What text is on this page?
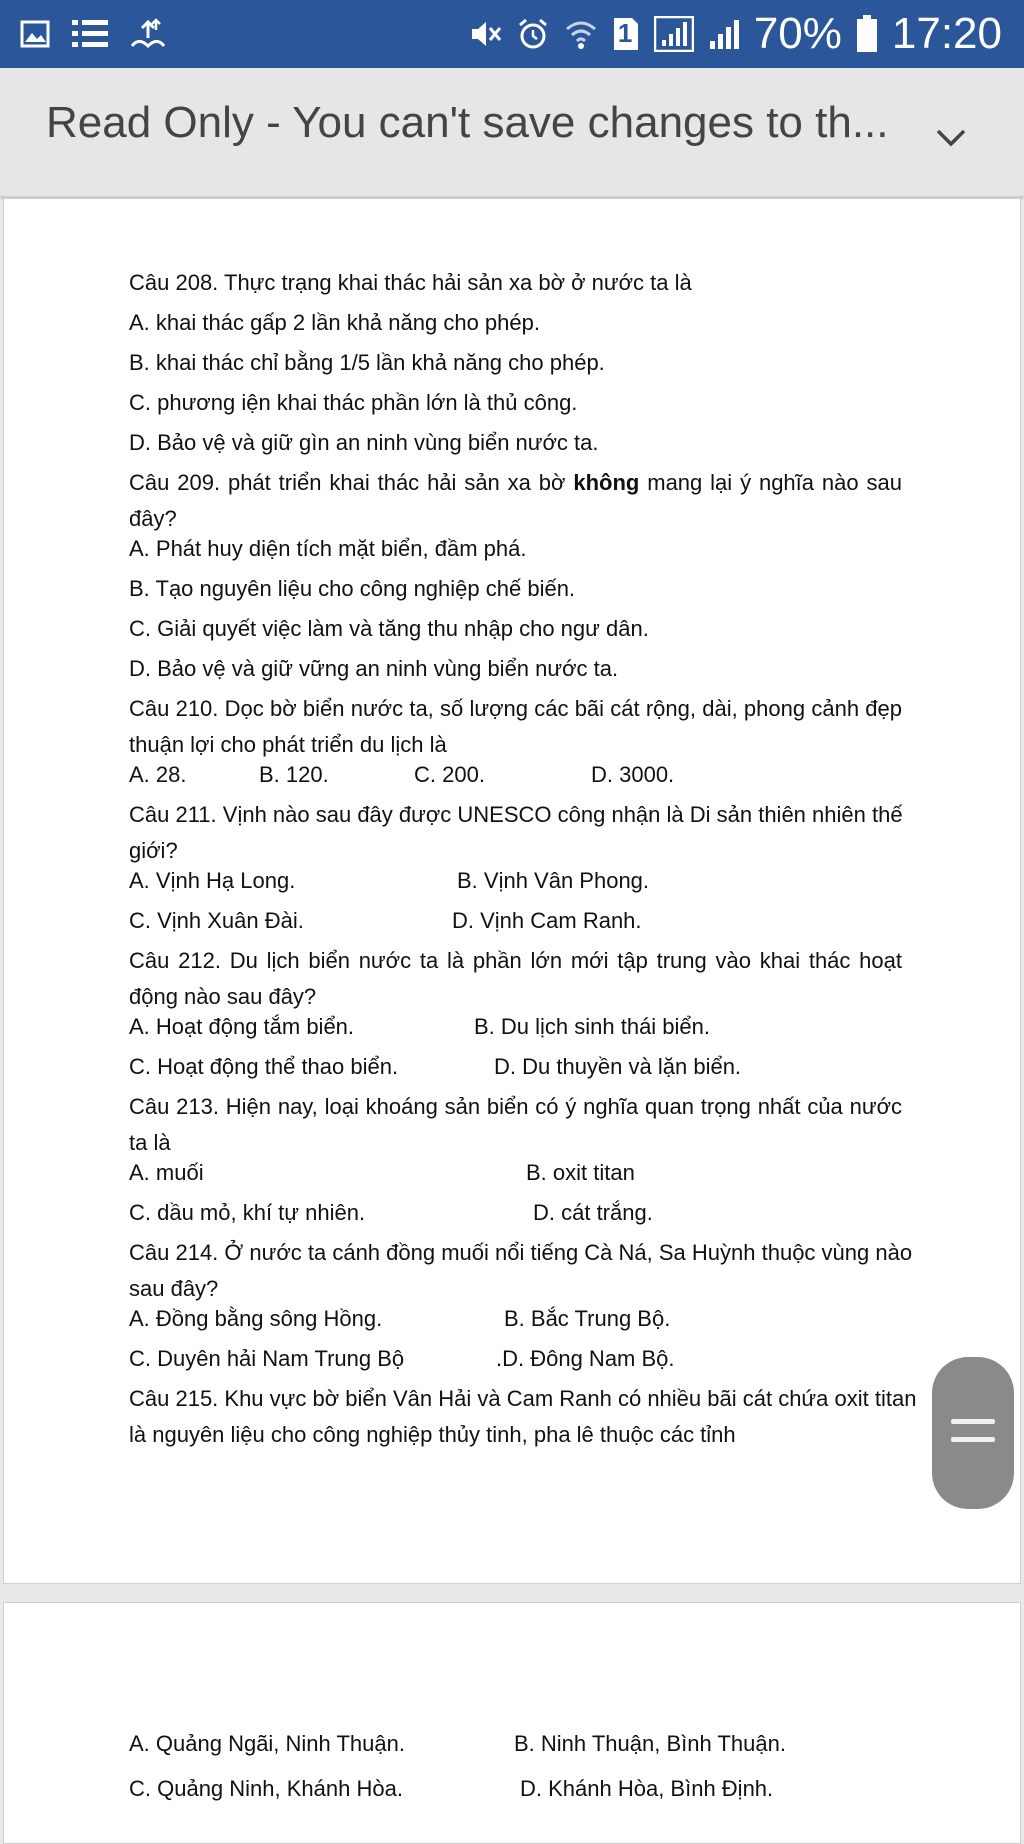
1	70% 17:20
Read Only - You can't save changes to th...
Câu 208. Thực trạng khai thác hải sản xa bờ ở nước ta là
A. khai thác gấp 2 lần khả năng cho phép.
B. khai thác chỉ bằng 1/5 lần khả năng cho phép.
C. phương iện khai thác phần lớn là thủ công.
D. Bảo vệ và giữ gìn an ninh vùng biển nước ta.
Câu 209. phát triển khai thác hải sản xa bờ không mang lại ý nghĩa nào sau
đây?
A. Phát huy diện tích mặt biển, đầm phá.
B. Tạo nguyên liệu cho công nghiệp chế biến.
C. Giải quyết việc làm và tăng thu nhập cho ngư dân.
D. Bảo vệ và giữ vững an ninh vùng biển nước ta.
Câu 210. Dọc bờ biển nước ta, số lượng các bãi cát rộng, dài, phong cảnh đẹp
thuận lợi cho phát triển du lịch là
A. 28.	B. 120.	C. 200.	D. 3000.
Câu 211. Vịnh nào sau đây được UNESCO công nhận là Di sản thiên nhiên thế
giới?
A. Vịnh Hạ Long.	B. Vịnh Vân Phong.
C. Vịnh Xuân Đài.	D. Vịnh Cam Ranh.
Câu 212. Du lịch biển nước ta là phần lớn mới tập trung vào khai thác hoạt
động nào sau đây?
A. Hoạt động tắm biển.	B. Du lịch sinh thái biển.
C. Hoạt động thể thao biển.	D. Du thuyền và lặn biển.
Câu 213. Hiện nay, loại khoáng sản biển có ý nghĩa quan trọng nhất của nước
ta là
A. muối	B. oxit titan
C. dầu mỏ, khí tự nhiên.	D. cát trắng.
Câu 214. Ở nước ta cánh đồng muối nổi tiếng Cà Ná, Sa Huỳnh thuộc vùng nào
sau đây?
A. Đồng bằng sông Hồng.	B. Bắc Trung Bộ.
C. Duyên hải Nam Trung Bộ	.D. Đông Nam Bộ.
Câu 215. Khu vực bờ biển Vân Hải và Cam Ranh có nhiều bãi cát chứa oxit titan
là nguyên liệu cho công nghiệp thủy tinh, pha lê thuộc các tỉnh
A. Quảng Ngãi, Ninh Thuận.	B. Ninh Thuận, Bình Thuận.
C. Quảng Ninh, Khánh Hòa.	D. Khánh Hòa, Bình Định.
